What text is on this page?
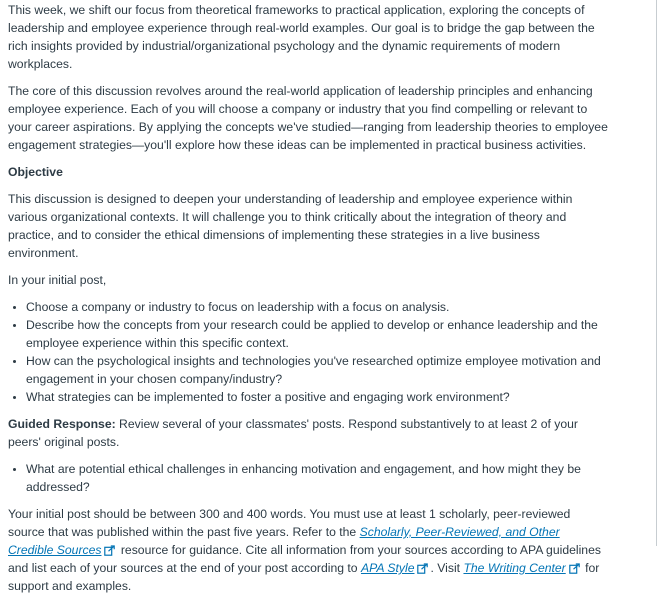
This week, we shift our focus from theoretical frameworks to practical application, exploring the concepts of leadership and employee experience through real-world examples. Our goal is to bridge the gap between the rich insights provided by industrial/organizational psychology and the dynamic requirements of modern workplaces.

The core of this discussion revolves around the real-world application of leadership principles and enhancing employee experience. Each of you will choose a company or industry that you find compelling or relevant to your career aspirations. By applying the concepts we've studied—ranging from leadership theories to employee engagement strategies—you'll explore how these ideas can be implemented in practical business activities.

Objective

This discussion is designed to deepen your understanding of leadership and employee experience within various organizational contexts. It will challenge you to think critically about the integration of theory and practice, and to consider the ethical dimensions of implementing these strategies in a live business environment.

In your initial post,

• Choose a company or industry to focus on leadership with a focus on analysis.
• Describe how the concepts from your research could be applied to develop or enhance leadership and the employee experience within this specific context.
• How can the psychological insights and technologies you've researched optimize employee motivation and engagement in your chosen company/industry?
• What strategies can be implemented to foster a positive and engaging work environment?

Guided Response: Review several of your classmates' posts. Respond substantively to at least 2 of your peers' original posts.

• What are potential ethical challenges in enhancing motivation and engagement, and how might they be addressed?

Your initial post should be between 300 and 400 words. You must use at least 1 scholarly, peer-reviewed source that was published within the past five years. Refer to the Scholarly, Peer-Reviewed, and Other Credible Sources
resource for guidance. Cite all information from your sources according to APA guidelines and list each of your sources at the end of your post according to APA Style . Visit The Writing Center
for support and examples.
